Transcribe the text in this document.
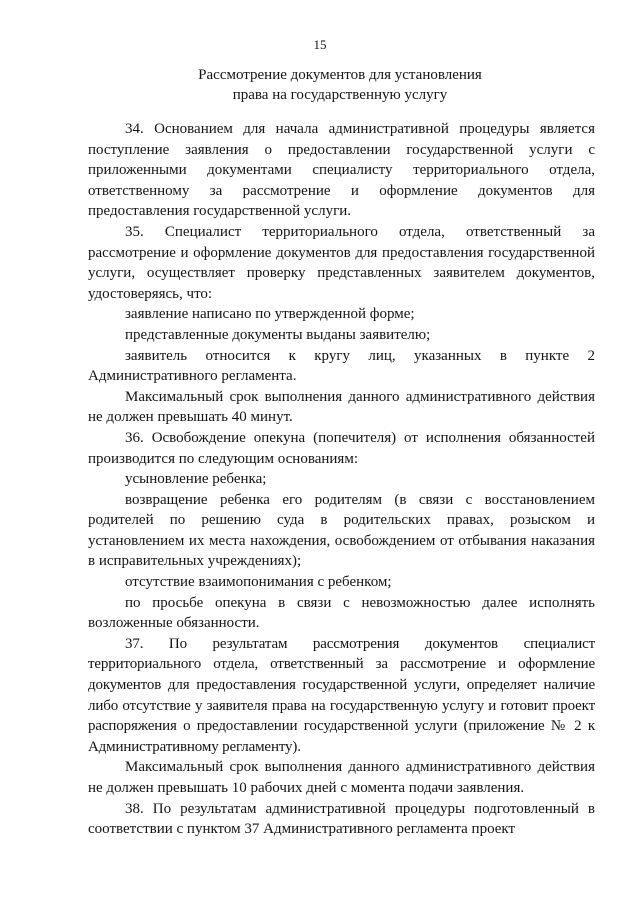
15
Рассмотрение документов для установления
права на государственную услугу

34. Основанием для начала административной процедуры является поступление заявления о предоставлении государственной услуги с приложенными документами специалисту территориального отдела, ответственному за рассмотрение и оформление документов для предоставления государственной услуги.

35. Специалист территориального отдела, ответственный за рассмотрение и оформление документов для предоставления государственной услуги, осуществляет проверку представленных заявителем документов, удостоверяясь, что:

заявление написано по утвержденной форме;

представленные документы выданы заявителю;

заявитель относится к кругу лиц, указанных в пункте 2 Административного регламента.

Максимальный срок выполнения данного административного действия не должен превышать 40 минут.

36. Освобождение опекуна (попечителя) от исполнения обязанностей производится по следующим основаниям:

усыновление ребенка;

возвращение ребенка его родителям (в связи с восстановлением родителей по решению суда в родительских правах, розыском и установлением их места нахождения, освобождением от отбывания наказания в исправительных учреждениях);

отсутствие взаимопонимания с ребенком;

по просьбе опекуна в связи с невозможностью далее исполнять возложенные обязанности.

37. По результатам рассмотрения документов специалист территориального отдела, ответственный за рассмотрение и оформление документов для предоставления государственной услуги, определяет наличие либо отсутствие у заявителя права на государственную услугу и готовит проект распоряжения о предоставлении государственной услуги (приложение № 2 к Административному регламенту).

Максимальный срок выполнения данного административного действия не должен превышать 10 рабочих дней с момента подачи заявления.

38. По результатам административной процедуры подготовленный в соответствии с пунктом 37 Административного регламента проект
